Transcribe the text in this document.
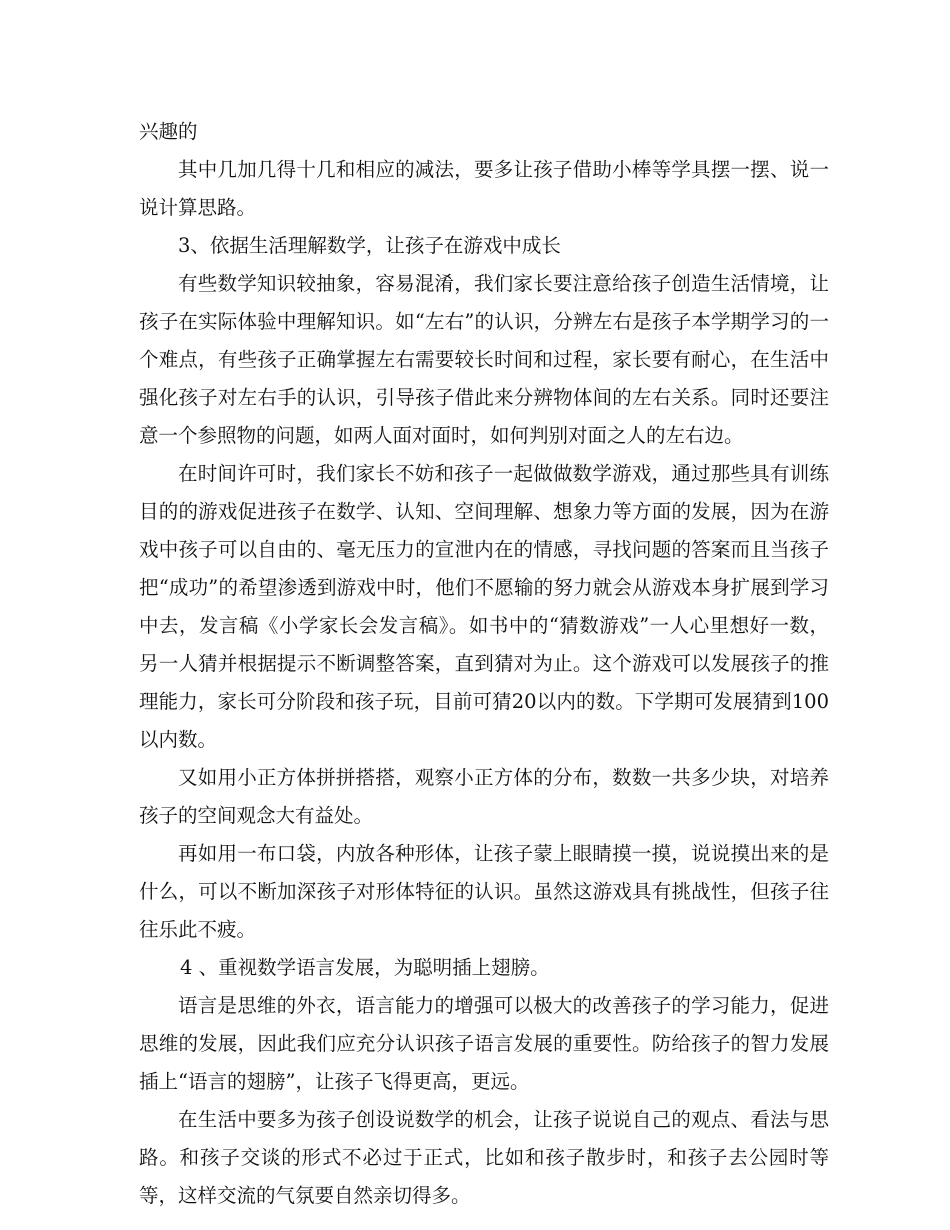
兴趣的

其中几加几得十几和相应的减法，要多让孩子借助小棒等学具摆一摆、说一说计算思路。

3、依据生活理解数学，让孩子在游戏中成长

有些数学知识较抽象，容易混淆，我们家长要注意给孩子创造生活情境，让孩子在实际体验中理解知识。如“左右”的认识，分辨左右是孩子本学期学习的一个难点，有些孩子正确掌握左右需要较长时间和过程，家长要有耐心，在生活中强化孩子对左右手的认识，引导孩子借此来分辨物体间的左右关系。同时还要注意一个参照物的问题，如两人面对面时，如何判别对面之人的左右边。

在时间许可时，我们家长不妨和孩子一起做做数学游戏，通过那些具有训练目的的游戏促进孩子在数学、认知、空间理解、想象力等方面的发展，因为在游戏中孩子可以自由的、毫无压力的宣泄内在的情感，寻找问题的答案而且当孩子把“成功”的希望渗透到游戏中时，他们不愿输的努力就会从游戏本身扩展到学习中去，发言稿《小学家长会发言稿》。如书中的“猜数游戏”一人心里想好一数，另一人猜并根据提示不断调整答案，直到猜对为止。这个游戏可以发展孩子的推理能力，家长可分阶段和孩子玩，目前可猜20以内的数。下学期可发展猜到100以内数。

又如用小正方体拼拼搭搭，观察小正方体的分布，数数一共多少块，对培养孩子的空间观念大有益处。

再如用一布口袋，内放各种形体，让孩子蒙上眼睛摸一摸，说说摸出来的是什么，可以不断加深孩子对形体特征的认识。虽然这游戏具有挑战性，但孩子往往乐此不疲。

4 、重视数学语言发展，为聪明插上翅膀。

语言是思维的外衣，语言能力的增强可以极大的改善孩子的学习能力，促进思维的发展，因此我们应充分认识孩子语言发展的重要性。防给孩子的智力发展插上“语言的翅膀”，让孩子飞得更高，更远。

在生活中要多为孩子创设说数学的机会，让孩子说说自己的观点、看法与思路。和孩子交谈的形式不必过于正式，比如和孩子散步时，和孩子去公园时等等，这样交流的气氛要自然亲切得多。
